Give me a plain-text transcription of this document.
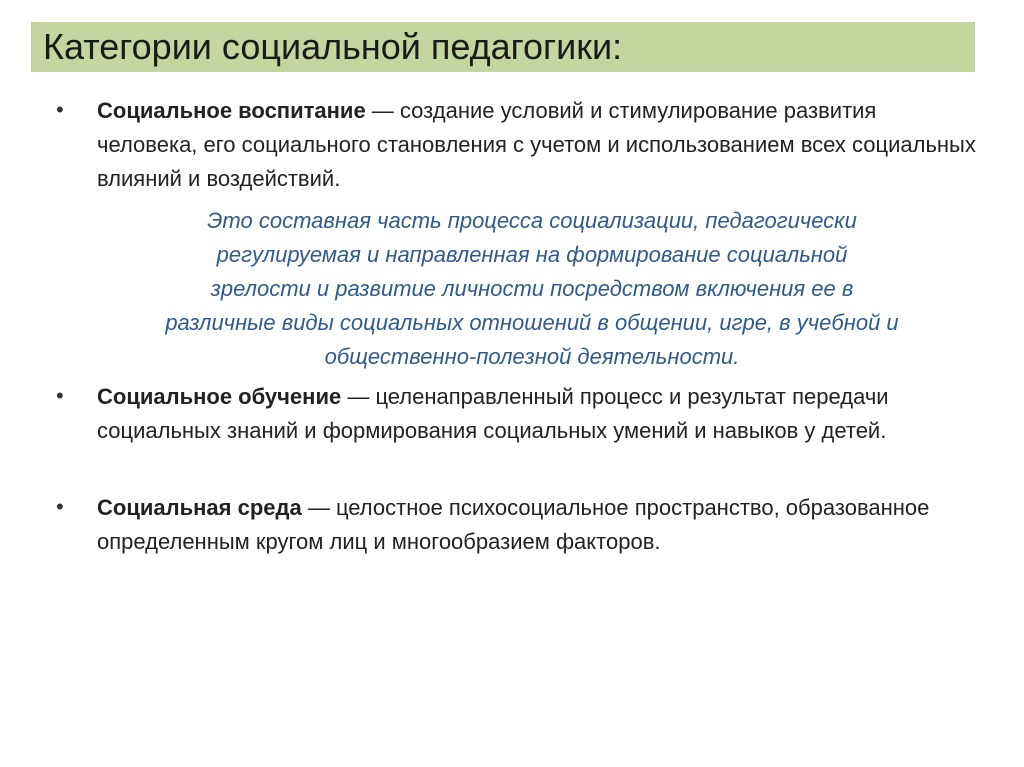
Категории социальной педагогики:
• Социальное воспитание — создание условий и стимулирование развития человека, его социального становления с учетом и использованием всех социальных влияний и воздействий.
Это составная часть процесса социализации, педагогически
регулируемая и направленная на формирование социальной
зрелости и развитие личности посредством включения ее в
различные виды социальных отношений в общении, игре, в учебной и
общественно-полезной деятельности.
• Социальное обучение — целенаправленный процесс и результат передачи социальных знаний и формирования социальных умений и навыков у детей.
• Социальная среда — целостное психосоциальное пространство, образованное определенным кругом лиц и многообразием факторов.
